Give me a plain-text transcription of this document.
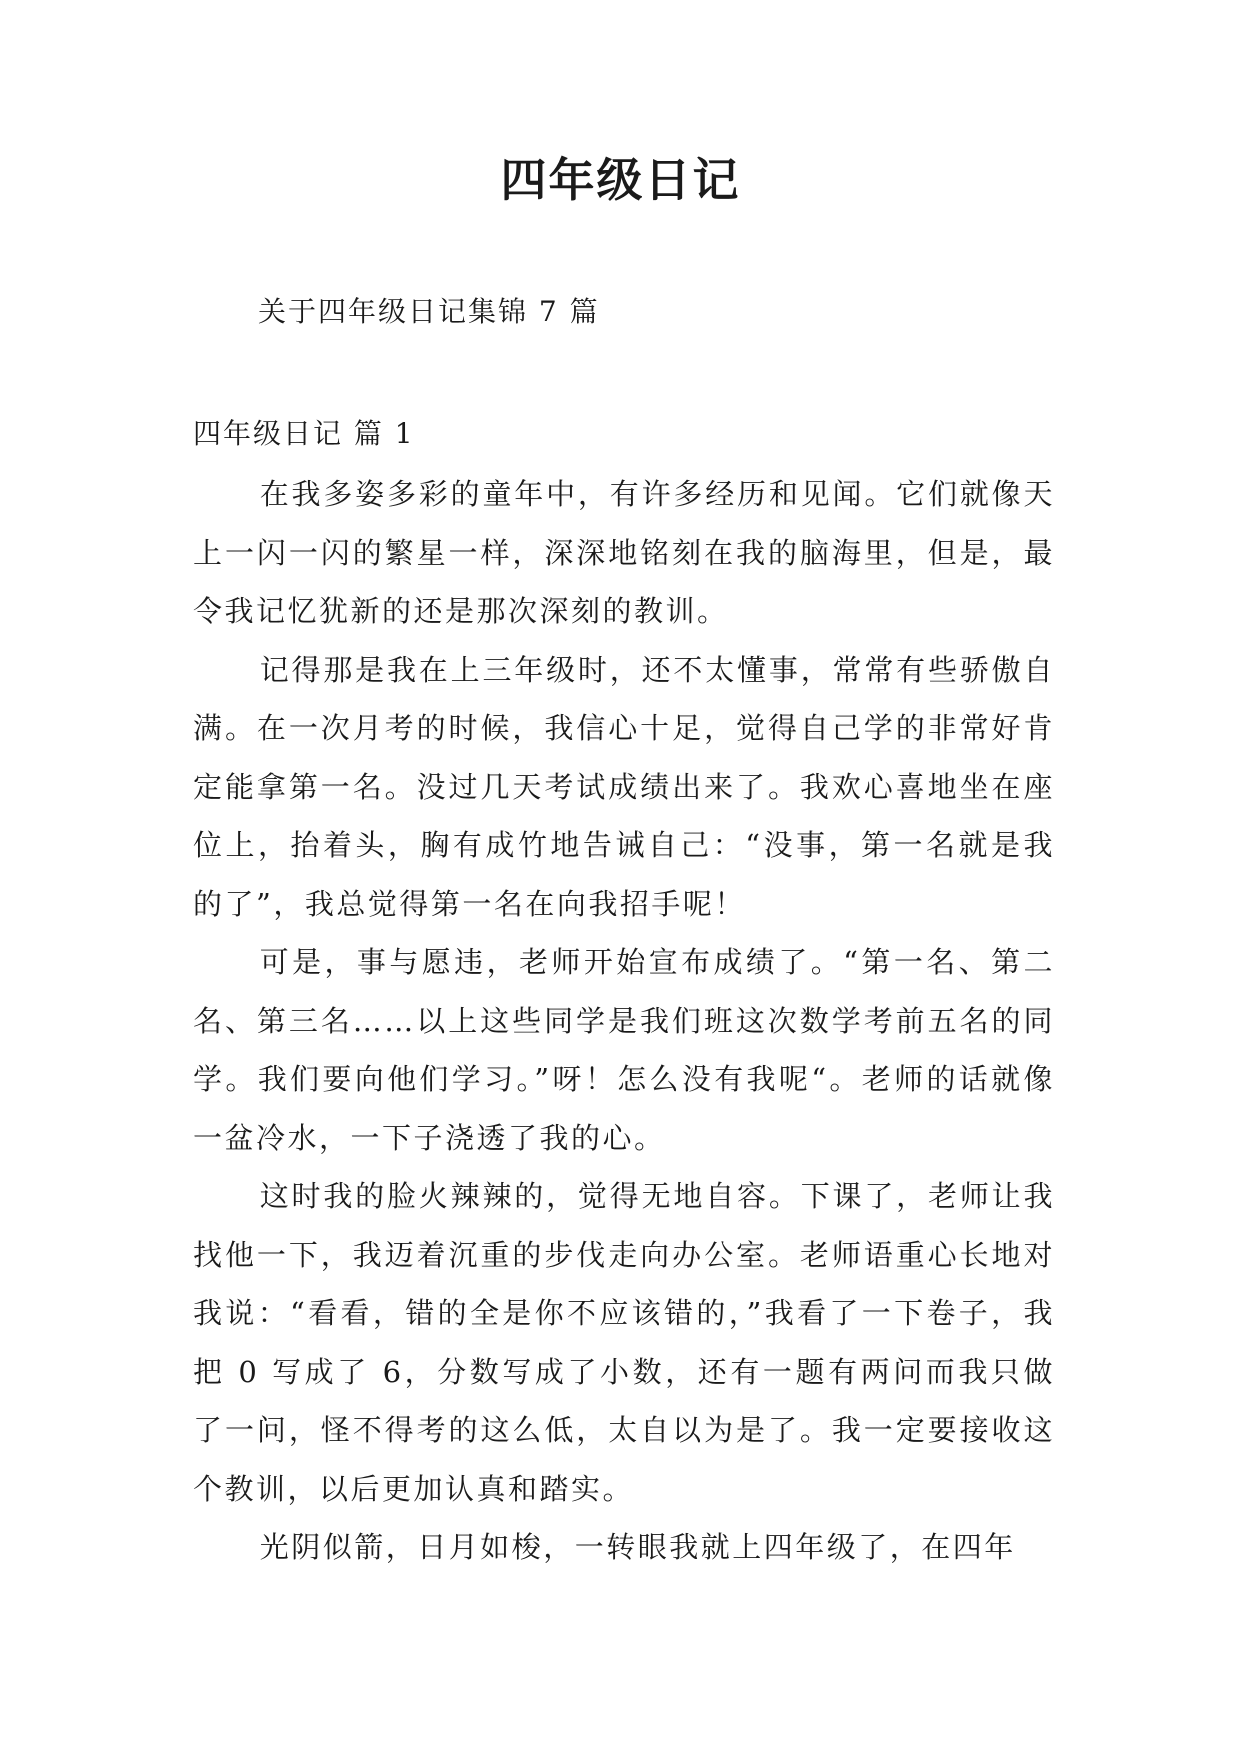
四年级日记
关于四年级日记集锦 7 篇
四年级日记 篇 1

在我多姿多彩的童年中，有许多经历和见闻。它们就像天上一闪一闪的繁星一样，深深地铭刻在我的脑海里，但是，最令我记忆犹新的还是那次深刻的教训。

记得那是我在上三年级时，还不太懂事，常常有些骄傲自满。在一次月考的时候，我信心十足，觉得自己学的非常好肯定能拿第一名。没过几天考试成绩出来了。我欢心喜地坐在座位上，抬着头，胸有成竹地告诫自己：“没事，第一名就是我的了”，我总觉得第一名在向我招手呢！

可是，事与愿违，老师开始宣布成绩了。“第一名、第二名、第三名……以上这些同学是我们班这次数学考前五名的同学。我们要向他们学习。”呀！怎么没有我呢“。老师的话就像一盆冷水，一下子浇透了我的心。

这时我的脸火辣辣的，觉得无地自容。下课了，老师让我找他一下，我迈着沉重的步伐走向办公室。老师语重心长地对我说：“看看，错的全是你不应该错的，”我看了一下卷子，我把 0 写成了 6，分数写成了小数，还有一题有两问而我只做了一问，怪不得考的这么低，太自以为是了。我一定要接收这个教训，以后更加认真和踏实。

光阴似箭，日月如梭，一转眼我就上四年级了，在四年
